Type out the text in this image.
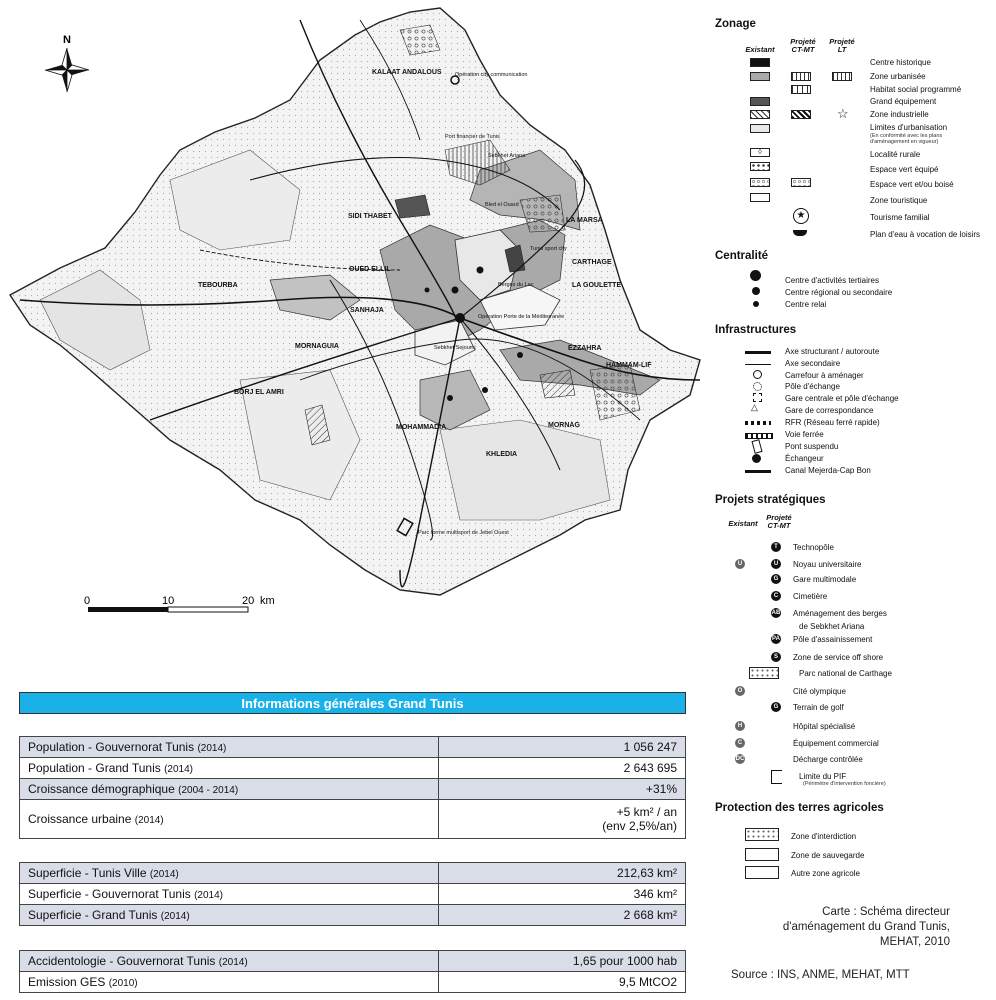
KALAAT ANDALOUS Opération city communication
Port financier de Tunis
SIDI THABET
Bled el Ouard
LA MARSA
CARTHAGE
LA GOULETTE
OUED ELLIL
TEBOURBA
SANHAJA
Opération Porte de la Méditerranée
MORNAGUIA	EZZAHRA
HAMMAM-LIF
BORJ EL AMRI
MOHAMMADIA	MORNAG
KHLEDIA
Berges du Lac
Tunis sport city
Sebkhet Ariana
Sebkhet Sejoumi
Parc forme multisport de Jebel Ouest
N
0	10	20 km
Zonage
Existant
Projeté CT-MT
Projeté LT
Centre historique
Zone urbanisée
Habitat social programmé
Grand équipement
☆	Zone industrielle
Limites d'urbanisation
(En conformité avec les plans
d'aménagement en vigueur)
◊	Localité rurale
Espace vert équipé
Espace vert et/ou boisé
Zone touristique
★	Tourisme familial
Plan d'eau à vocation de loisirs
Centralité
Centre d'activités tertiaires
Centre régional ou secondaire
Centre relai
Infrastructures
Axe structurant / autoroute
Axe secondaire
Carrefour à aménager
Pôle d'échange
Gare centrale et pôle d'échange
△	Gare de correspondance
RFR (Réseau ferré rapide)
Voie ferrée
Pont suspendu
Échangeur
Canal Mejerda-Cap Bon
Projets stratégiques
Existant
Projeté CT-MT
T	Technopôle
U	U	Noyau universitaire
G	Gare multimodale
C	Cimetière
AB Aménagement des berges
PA Pôle d'assainissement
S	Zone de service off shore
Parc national de Carthage
O	Cité olympique
G	Terrain de golf
H	Hôpital spécialisé
C	Équipement commercial
DC	Décharge contrôlée
Limite du PIF
de Sebkhet Ariana
(Périmètre d'intervention foncière)
Protection des terres agricoles
Zone d'interdiction
Zone de sauvegarde
Autre zone agricole
Informations générales Grand Tunis
Population - Gouvernorat Tunis (2014)	1 056 247

Population - Grand Tunis (2014)	2 643 695

Croissance démographique (2004 - 2014)	+31%

Croissance urbaine (2014)	+5 km² / an
(env 2,5%/an)
Superficie - Tunis Ville (2014)	212,63 km²

Superficie - Gouvernorat Tunis (2014)	346 km²

Superficie - Grand Tunis (2014)	2 668 km²
Accidentologie - Gouvernorat Tunis (2014)	1,65 pour 1000 hab

Emission GES (2010)	9,5 MtCO2
Carte : Schéma directeur
d'aménagement du Grand Tunis,
MEHAT, 2010
Source : INS, ANME, MEHAT, MTT
